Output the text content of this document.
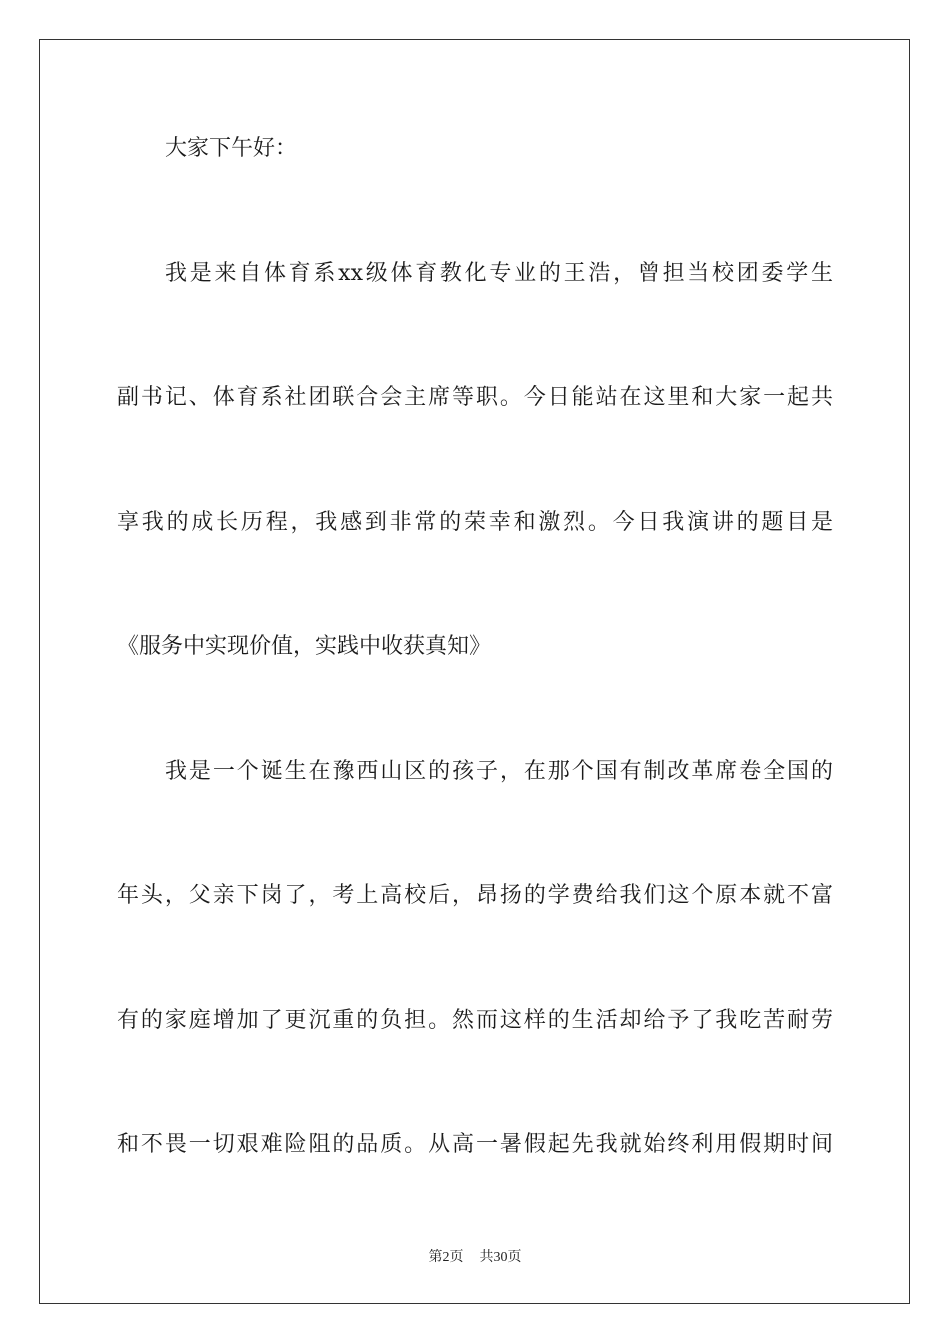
大家下午好：
我是来自体育系xx级体育教化专业的王浩，曾担当校团委学生
副书记、体育系社团联合会主席等职。今日能站在这里和大家一起共
享我的成长历程，我感到非常的荣幸和激烈。今日我演讲的题目是
《服务中实现价值，实践中收获真知》
我是一个诞生在豫西山区的孩子，在那个国有制改革席卷全国的
年头，父亲下岗了，考上高校后，昂扬的学费给我们这个原本就不富
有的家庭增加了更沉重的负担。然而这样的生活却给予了我吃苦耐劳
和不畏一切艰难险阻的品质。从高一暑假起先我就始终利用假期时间
第2页 共30页
